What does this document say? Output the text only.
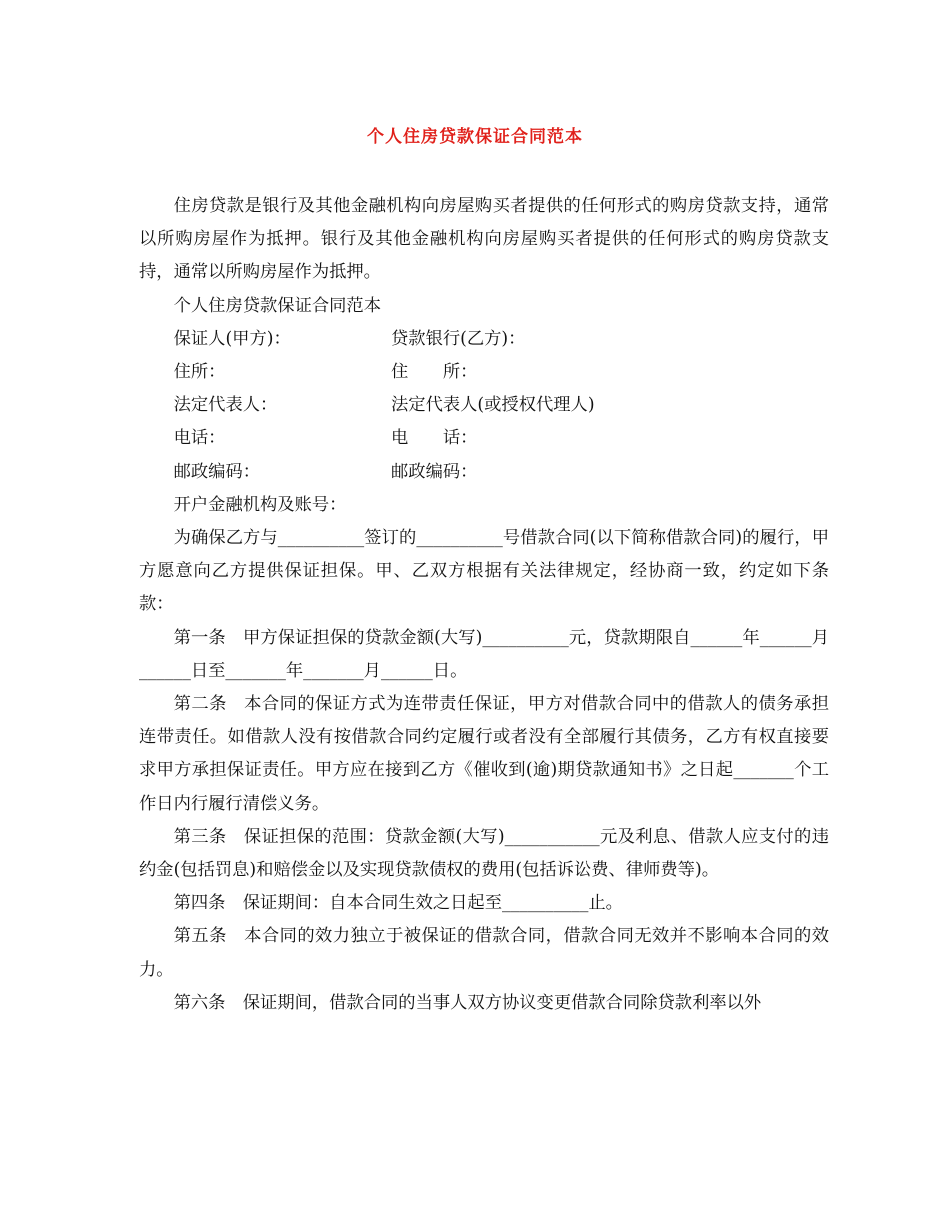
个人住房贷款保证合同范本

住房贷款是银行及其他金融机构向房屋购买者提供的任何形式的购房贷款支持，通常以所购房屋作为抵押。银行及其他金融机构向房屋购买者提供的任何形式的购房贷款支持，通常以所购房屋作为抵押。

个人住房贷款保证合同范本

保证人(甲方)：	贷款银行(乙方)：
住所：	住　　所：
法定代表人：	法定代表人(或授权代理人)
电话：	电　　话：
邮政编码：	邮政编码：

开户金融机构及账号：

为确保乙方与__________签订的__________号借款合同(以下简称借款合同)的履行，甲方愿意向乙方提供保证担保。甲、乙双方根据有关法律规定，经协商一致，约定如下条款：

第一条 甲方保证担保的贷款金额(大写)__________元，贷款期限自______年______月______日至_______年_______月______日。

第二条 本合同的保证方式为连带责任保证，甲方对借款合同中的借款人的债务承担连带责任。如借款人没有按借款合同约定履行或者没有全部履行其债务，乙方有权直接要求甲方承担保证责任。甲方应在接到乙方《催收到(逾)期贷款通知书》之日起_______个工作日内行履行清偿义务。

第三条 保证担保的范围：贷款金额(大写)___________元及利息、借款人应支付的违约金(包括罚息)和赔偿金以及实现贷款债权的费用(包括诉讼费、律师费等)。

第四条 保证期间：自本合同生效之日起至__________止。

第五条 本合同的效力独立于被保证的借款合同，借款合同无效并不影响本合同的效力。

第六条 保证期间，借款合同的当事人双方协议变更借款合同除贷款利率以外
